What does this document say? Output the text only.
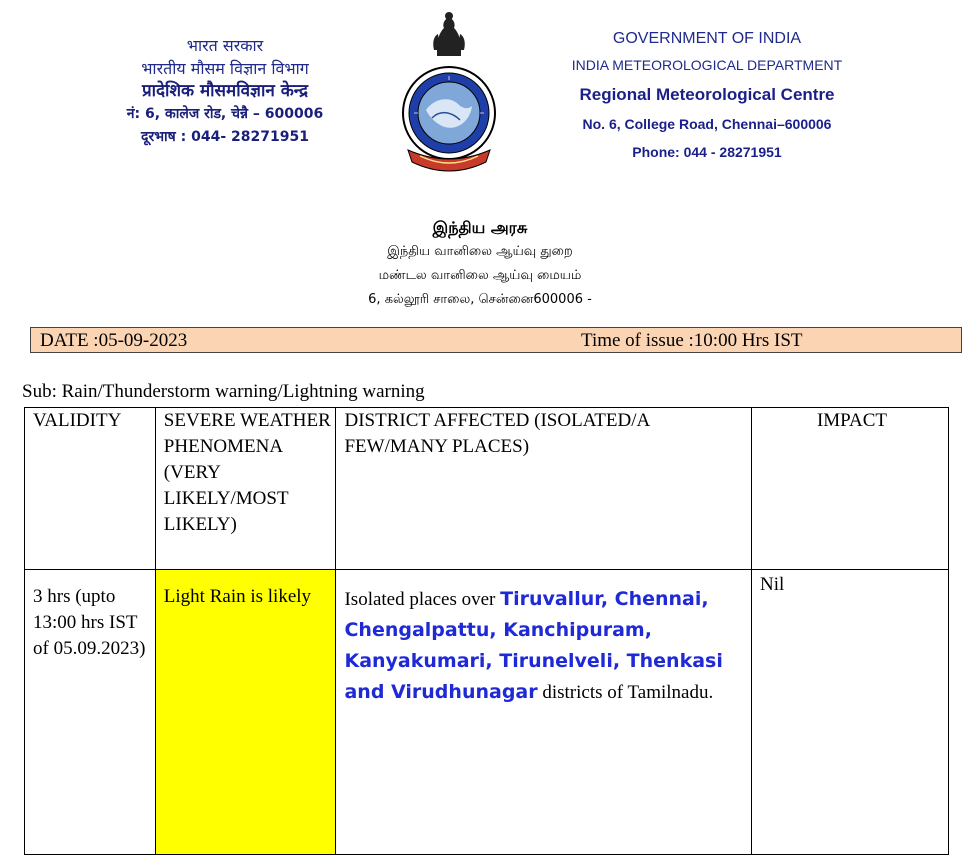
भारत सरकार
भारतीय मौसम विज्ञान विभाग
प्रादेशिक मौसमविज्ञान केन्द्र
नं: 6, कालेज रोड, चेन्नै – 600006
दूरभाष : 044- 28271951
GOVERNMENT OF INDIA
INDIA METEOROLOGICAL DEPARTMENT
Regional Meteorological Centre
No. 6, College Road, Chennai–600006
Phone: 044 - 28271951
இந்திய அரசு
இந்திய வானிலை ஆய்வு துறை
மண்டல வானிலை ஆய்வு மையம்
6, கல்லூரி சாலை, சென்னை600006 -
DATE :05-09-2023	Time of issue :10:00 Hrs IST
Sub: Rain/Thunderstorm warning/Lightning warning
VALIDITY	SEVERE WEATHER PHENOMENA (VERY LIKELY/MOST LIKELY)	DISTRICT AFFECTED (ISOLATED/A FEW/MANY PLACES)	IMPACT
3 hrs (upto 13:00 hrs IST of 05.09.2023)	Light Rain is likely	Isolated places over Tiruvallur, Chennai, Chengalpattu, Kanchipuram, Kanyakumari, Tirunelveli, Thenkasi and Virudhunagar districts of Tamilnadu.	Nil
